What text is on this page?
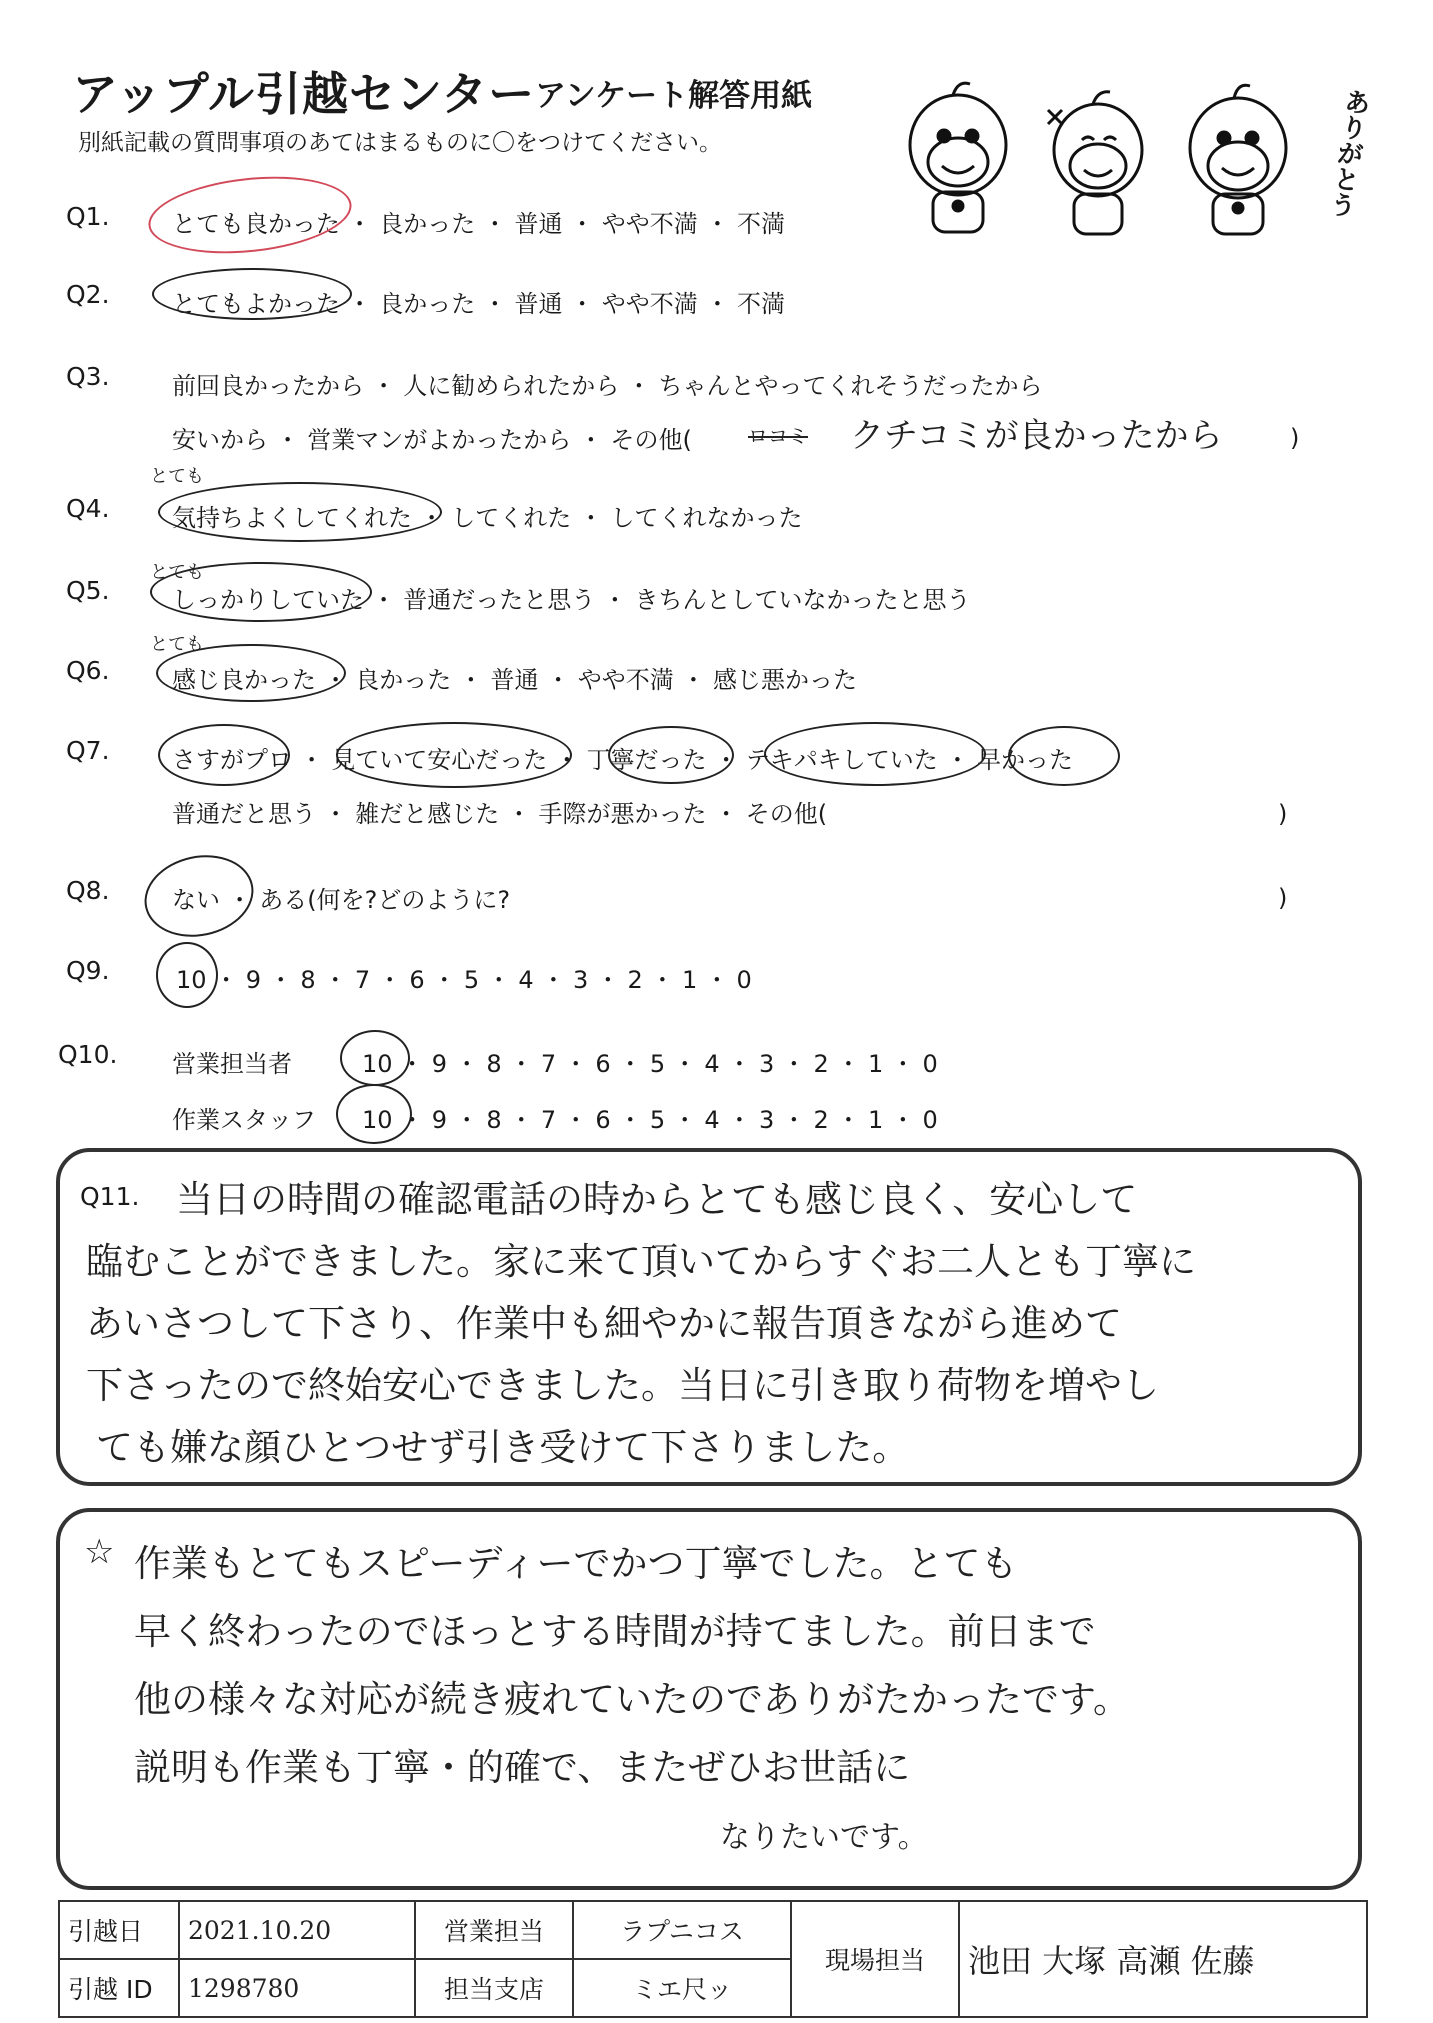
アップル引越センター アンケート解答用紙
別紙記載の質問事項のあてはまるものに〇をつけてください。	ありがとう
Q1.	とても良かった ・ 良かった ・ 普通 ・ やや不満 ・ 不満
Q2.	とてもよかった ・ 良かった ・ 普通 ・ やや不満 ・ 不満
Q3.	前回良かったから ・ 人に勧められたから ・ ちゃんとやってくれそうだったから
安いから ・ 営業マンがよかったから ・ その他(	ロコミ クチコミが良かったから	)
とても
Q4.	気持ちよくしてくれた ・ してくれた ・ してくれなかった
とても
Q5.	しっかりしていた ・ 普通だったと思う ・ きちんとしていなかったと思う
とても
Q6.	感じ良かった ・ 良かった ・ 普通 ・ やや不満 ・ 感じ悪かった
Q7.	さすがプロ ・ 見ていて安心だった ・ 丁寧だった ・ テキパキしていた ・ 早かった
普通だと思う ・ 雑だと感じた ・ 手際が悪かった ・ その他(	)
Q8.	ない ・ ある(何を?どのように?	)
Q9.	10 ・ 9 ・ 8 ・ 7 ・ 6 ・ 5 ・ 4 ・ 3 ・ 2 ・ 1 ・ 0
Q10. 営業担当者	10 ・ 9 ・ 8 ・ 7 ・ 6 ・ 5 ・ 4 ・ 3 ・ 2 ・ 1 ・ 0
作業スタッフ 10 ・ 9 ・ 8 ・ 7 ・ 6 ・ 5 ・ 4 ・ 3 ・ 2 ・ 1 ・ 0
Q11. 当日の時間の確認電話の時からとても感じ良く、安心して
臨むことができました。家に来て頂いてからすぐお二人とも丁寧に
あいさつして下さり、作業中も細やかに報告頂きながら進めて
下さったので終始安心できました。当日に引き取り荷物を増やし
ても嫌な顔ひとつせず引き受けて下さりました。
☆ 作業もとてもスピーディーでかつ丁寧でした。とても
早く終わったのでほっとする時間が持てました。前日まで
他の様々な対応が続き疲れていたのでありがたかったです。
説明も作業も丁寧・的確で、またぜひお世話に
なりたいです。
引越日	2021.10.20	営業担当	ラプニコス	現場担当	池田 大塚 高瀬 佐藤
引越 ID	1298780	担当支店	ミエ尺ッ		
